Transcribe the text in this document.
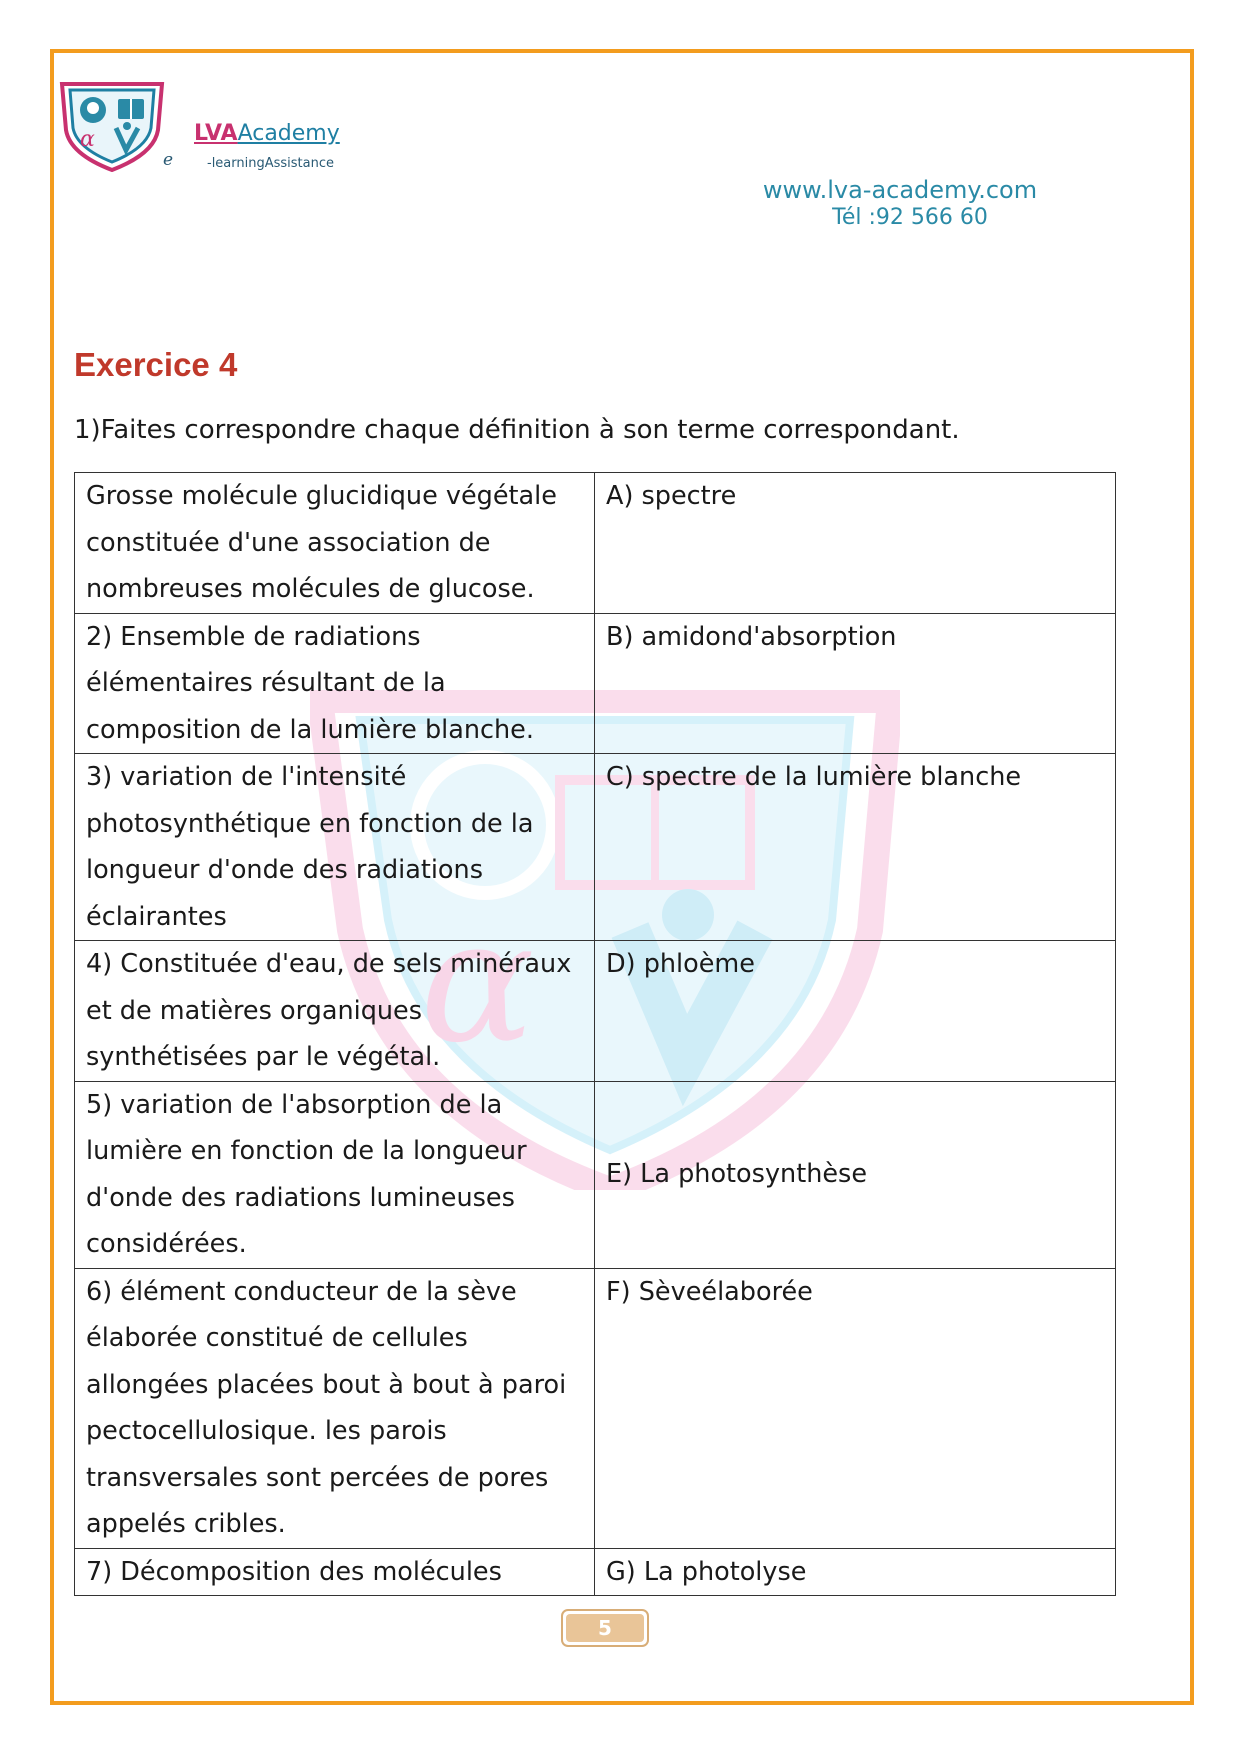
α
e
LVAAcademy
-learningAssistance
www.lva-academy.com
Tél :92 566 60
Exercice 4
1)Faites correspondre chaque définition à son terme correspondant.
α
Grosse molécule glucidique végétale constituée d'une association de nombreuses molécules de glucose.	A) spectre
2) Ensemble de radiations élémentaires résultant de la composition de la lumière blanche.	B) amidond'absorption
3) variation de l'intensité photosynthétique en fonction de la longueur d'onde des radiations éclairantes	C) spectre de la lumière blanche
4) Constituée d'eau, de sels minéraux et de matières organiques synthétisées par le végétal.	D) phloème
5) variation de l'absorption de la lumière en fonction de la longueur d'onde des radiations lumineuses considérées.	E) La photosynthèse
6) élément conducteur de la sève élaborée constitué de cellules allongées placées bout à bout à paroi pectocellulosique. les parois transversales sont percées de pores appelés cribles.	F) Sèveélaborée
7) Décomposition des molécules	G) La photolyse
5
